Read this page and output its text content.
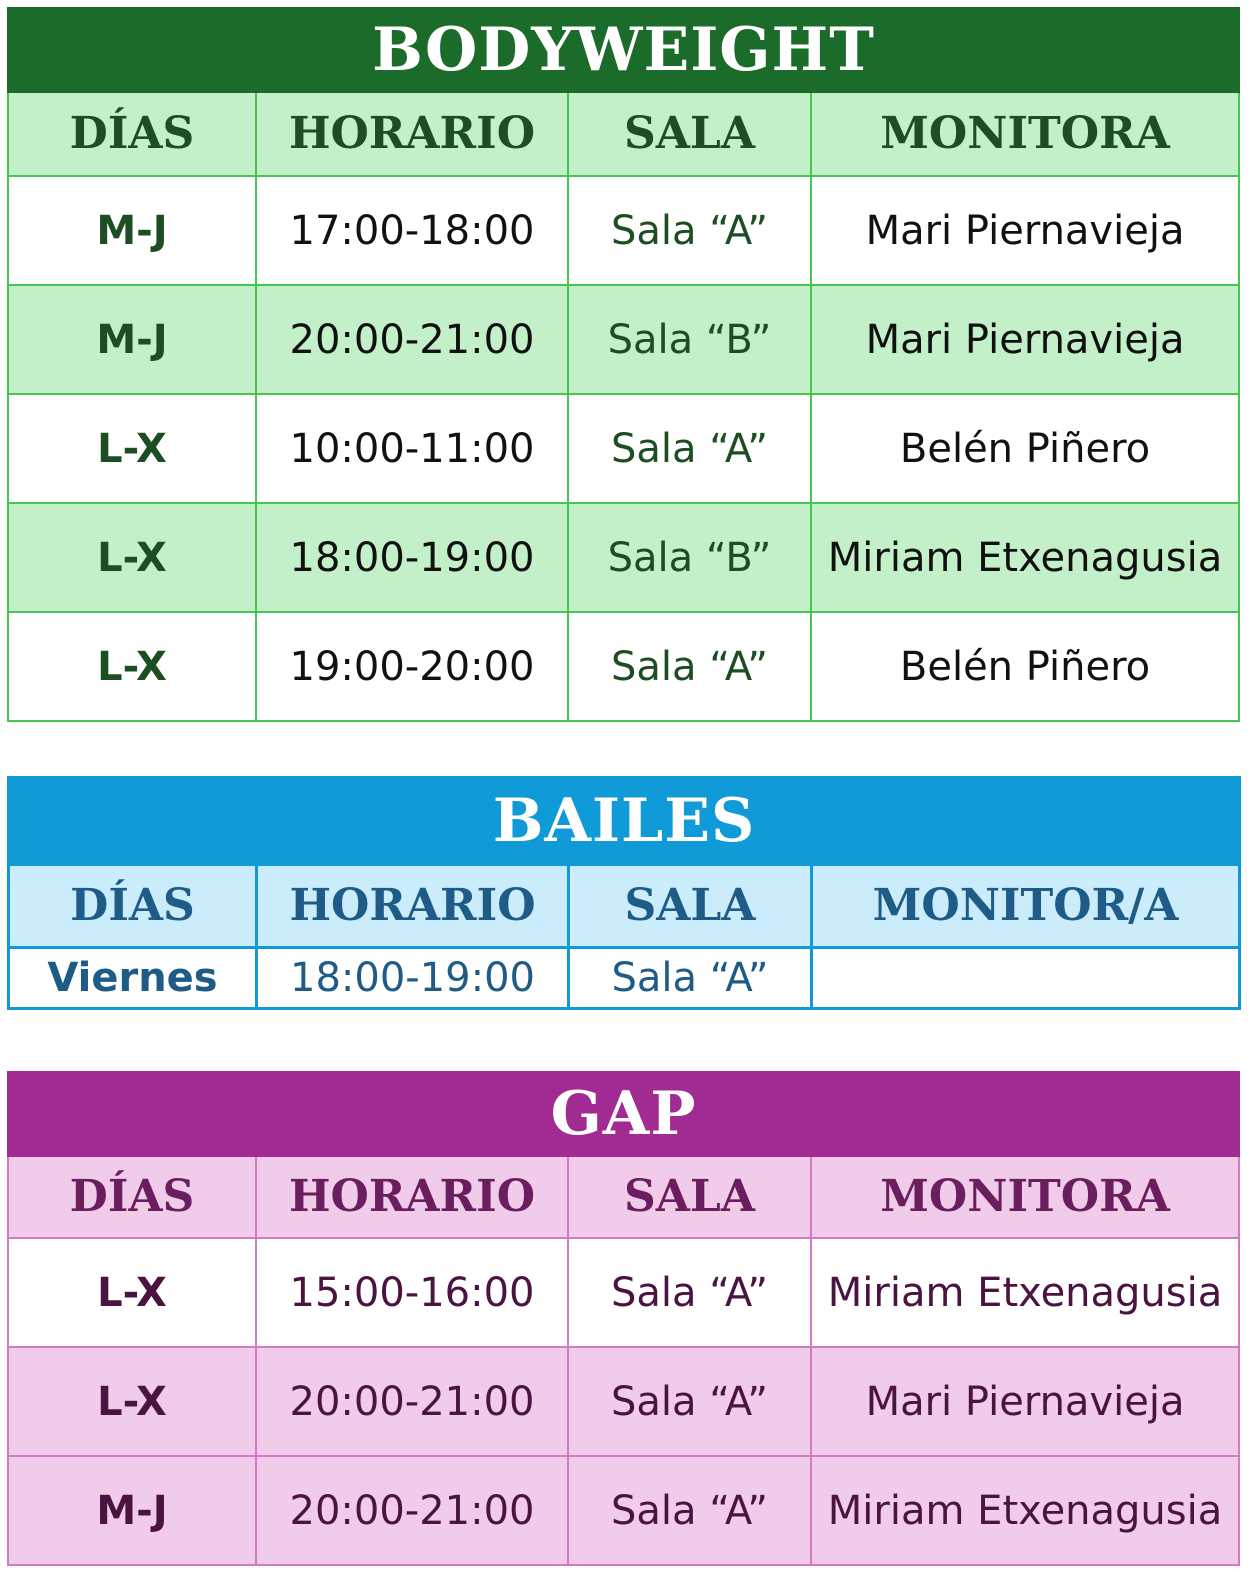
BODYWEIGHT			
DÍAS	HORARIO	SALA	MONITORA
M-J	17:00-18:00	Sala “A”	Mari Piernavieja
M-J	20:00-21:00	Sala “B”	Mari Piernavieja
L-X	10:00-11:00	Sala “A”	Belén Piñero
L-X	18:00-19:00	Sala “B”	Miriam Etxenagusia
L-X	19:00-20:00	Sala “A”	Belén Piñero
BAILES			
DÍAS	HORARIO	SALA	MONITOR/A
Viernes	18:00-19:00	Sala “A”	
GAP			
DÍAS	HORARIO	SALA	MONITORA
L-X	15:00-16:00	Sala “A”	Miriam Etxenagusia
L-X	20:00-21:00	Sala “A”	Mari Piernavieja
M-J	20:00-21:00	Sala “A”	Miriam Etxenagusia
